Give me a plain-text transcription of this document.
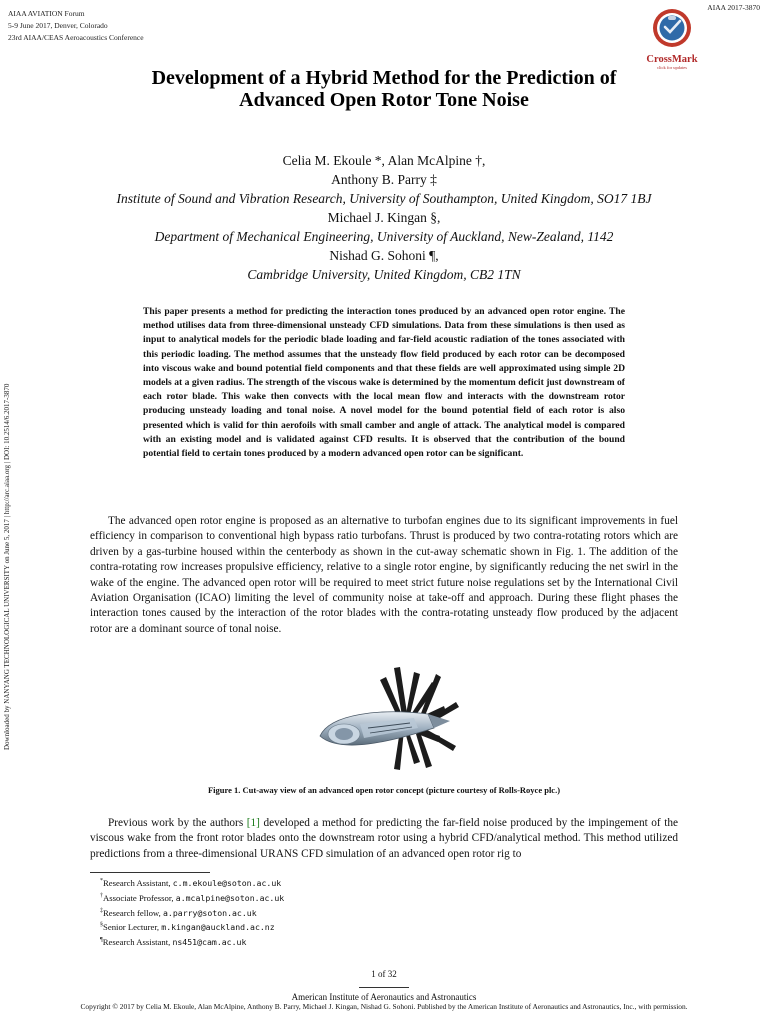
AIAA AVIATION Forum
5-9 June 2017, Denver, Colorado
23rd AIAA/CEAS Aeroacoustics Conference
AIAA 2017-3870
CrossMark
click for updates
Downloaded by NANYANG TECHNOLOGICAL UNIVERSITY on June 5, 2017 | http://arc.aiaa.org | DOI: 10.2514/6.2017-3870
Development of a Hybrid Method for the Prediction of
Advanced Open Rotor Tone Noise
Celia M. Ekoule *, Alan McAlpine †,
Anthony B. Parry ‡
Institute of Sound and Vibration Research, University of Southampton, United Kingdom, SO17 1BJ
Michael J. Kingan §,
Department of Mechanical Engineering, University of Auckland, New-Zealand, 1142
Nishad G. Sohoni ¶,
Cambridge University, United Kingdom, CB2 1TN
This paper presents a method for predicting the interaction tones produced by an advanced open rotor engine. The method utilises data from three-dimensional unsteady CFD simulations. Data from these simulations is then used as input to analytical models for the periodic blade loading and far-field acoustic radiation of the tones associated with this periodic loading. The method assumes that the unsteady flow field produced by each rotor can be decomposed into viscous wake and bound potential field components and that these fields are well approximated using simple 2D models at a given radius. The strength of the viscous wake is determined by the momentum deficit just downstream of each rotor blade. This wake then convects with the local mean flow and interacts with the downstream rotor producing unsteady loading and tonal noise. A novel model for the bound potential field of each rotor is also presented which is valid for thin aerofoils with small camber and angle of attack. The analytical model is compared with an existing model and is validated against CFD results. It is observed that the contribution of the bound potential field to certain tones produced by a modern advanced open rotor can be significant.
The advanced open rotor engine is proposed as an alternative to turbofan engines due to its significant improvements in fuel efficiency in comparison to conventional high bypass ratio turbofans. Thrust is produced by two contra-rotating rotors which are driven by a gas-turbine housed within the centerbody as shown in the cut-away schematic shown in Fig. 1. The addition of the contra-rotating row increases propulsive efficiency, relative to a single rotor engine, by significantly reducing the net swirl in the wake of the engine. The advanced open rotor will be required to meet strict future noise regulations set by the International Civil Aviation Organisation (ICAO) limiting the level of community noise at take-off and approach. During these flight phases the interaction tones caused by the interaction of the rotor blades with the contra-rotating unsteady flow produced by the adjacent rotor are a dominant source of tonal noise.
Figure 1. Cut-away view of an advanced open rotor concept (picture courtesy of Rolls-Royce plc.)
Previous work by the authors [1] developed a method for predicting the far-field noise produced by the impingement of the viscous wake from the front rotor blades onto the downstream rotor using a hybrid CFD/analytical method. This method utilized predictions from a three-dimensional URANS CFD simulation of an advanced open rotor rig to
*Research Assistant, c.m.ekoule@soton.ac.uk
†Associate Professor, a.mcalpine@soton.ac.uk
‡Research fellow, a.parry@soton.ac.uk
§Senior Lecturer, m.kingan@auckland.ac.nz
¶Research Assistant, ns451@cam.ac.uk
1 of 32
American Institute of Aeronautics and Astronautics
Copyright © 2017 by Celia M. Ekoule, Alan McAlpine, Anthony B. Parry, Michael J. Kingan, Nishad G. Sohoni. Published by the American Institute of Aeronautics and Astronautics, Inc., with permission.
